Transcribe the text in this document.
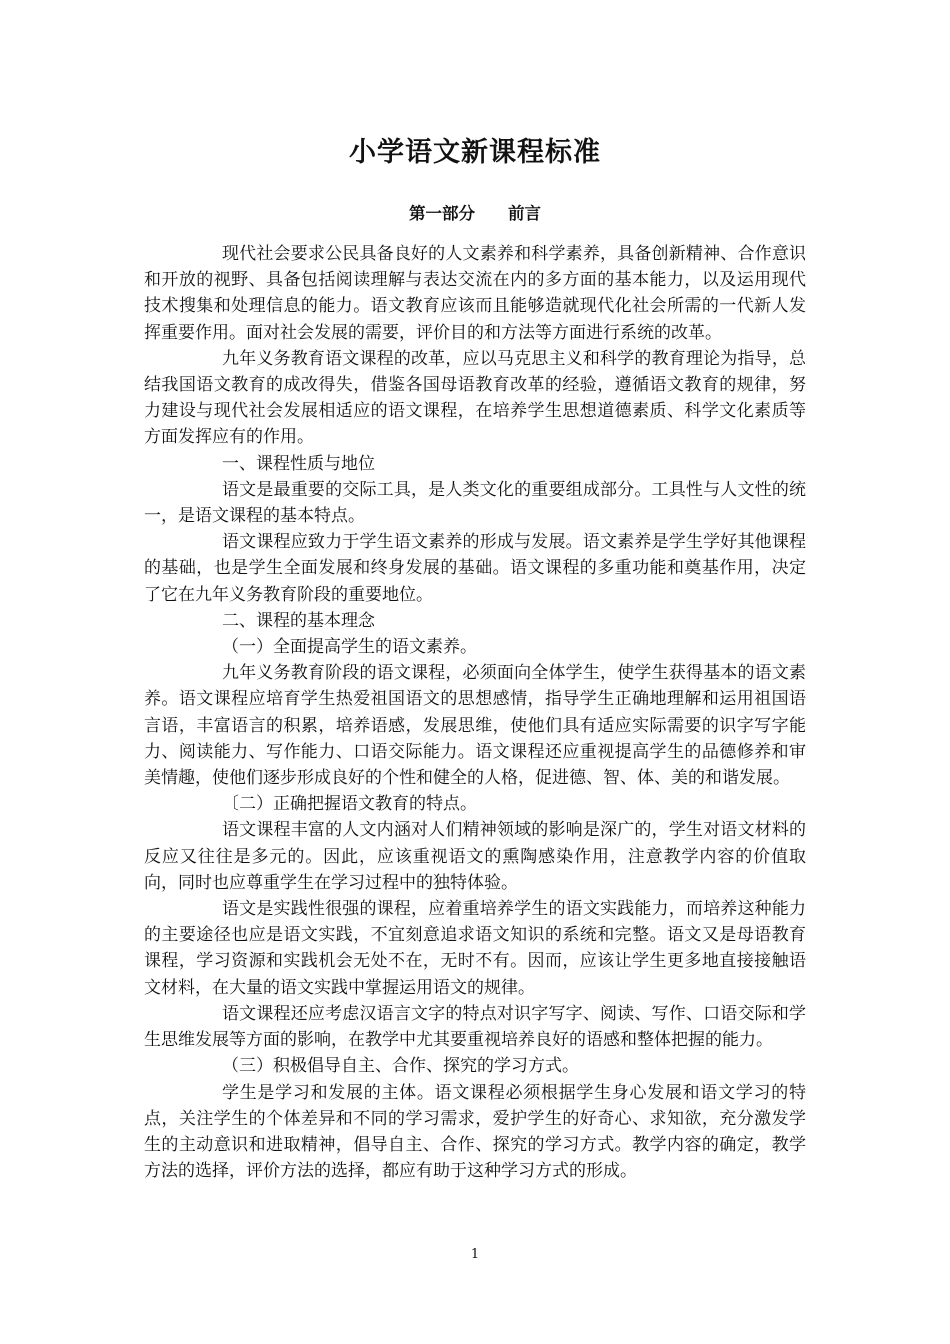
小学语文新课程标准
第一部分　　前言

现代社会要求公民具备良好的人文素养和科学素养，具备创新精神、合作意识和开放的视野、具备包括阅读理解与表达交流在内的多方面的基本能力，以及运用现代技术搜集和处理信息的能力。语文教育应该而且能够造就现代化社会所需的一代新人发挥重要作用。面对社会发展的需要，评价目的和方法等方面进行系统的改革。

九年义务教育语文课程的改革，应以马克思主义和科学的教育理论为指导，总结我国语文教育的成改得失，借鉴各国母语教育改革的经验，遵循语文教育的规律，努力建设与现代社会发展相适应的语文课程，在培养学生思想道德素质、科学文化素质等方面发挥应有的作用。

一、课程性质与地位

语文是最重要的交际工具，是人类文化的重要组成部分。工具性与人文性的统一，是语文课程的基本特点。

语文课程应致力于学生语文素养的形成与发展。语文素养是学生学好其他课程的基础，也是学生全面发展和终身发展的基础。语文课程的多重功能和奠基作用，决定了它在九年义务教育阶段的重要地位。

二、课程的基本理念

（一）全面提高学生的语文素养。

九年义务教育阶段的语文课程，必须面向全体学生，使学生获得基本的语文素养。语文课程应培育学生热爱祖国语文的思想感情，指导学生正确地理解和运用祖国语言语，丰富语言的积累，培养语感，发展思维，使他们具有适应实际需要的识字写字能力、阅读能力、写作能力、口语交际能力。语文课程还应重视提高学生的品德修养和审美情趣，使他们逐步形成良好的个性和健全的人格，促进德、智、体、美的和谐发展。

〔二）正确把握语文教育的特点。

语文课程丰富的人文内涵对人们精神领域的影响是深广的，学生对语文材料的反应又往往是多元的。因此，应该重视语文的熏陶感染作用，注意教学内容的价值取向，同时也应尊重学生在学习过程中的独特体验。

语文是实践性很强的课程，应着重培养学生的语文实践能力，而培养这种能力的主要途径也应是语文实践，不宜刻意追求语文知识的系统和完整。语文又是母语教育课程，学习资源和实践机会无处不在，无时不有。因而，应该让学生更多地直接接触语文材料，在大量的语文实践中掌握运用语文的规律。

语文课程还应考虑汉语言文字的特点对识字写字、阅读、写作、口语交际和学生思维发展等方面的影响，在教学中尤其要重视培养良好的语感和整体把握的能力。

（三）积极倡导自主、合作、探究的学习方式。

学生是学习和发展的主体。语文课程必须根据学生身心发展和语文学习的特点，关注学生的个体差异和不同的学习需求，爱护学生的好奇心、求知欲，充分激发学生的主动意识和进取精神，倡导自主、合作、探究的学习方式。教学内容的确定，教学方法的选择，评价方法的选择，都应有助于这种学习方式的形成。

1
